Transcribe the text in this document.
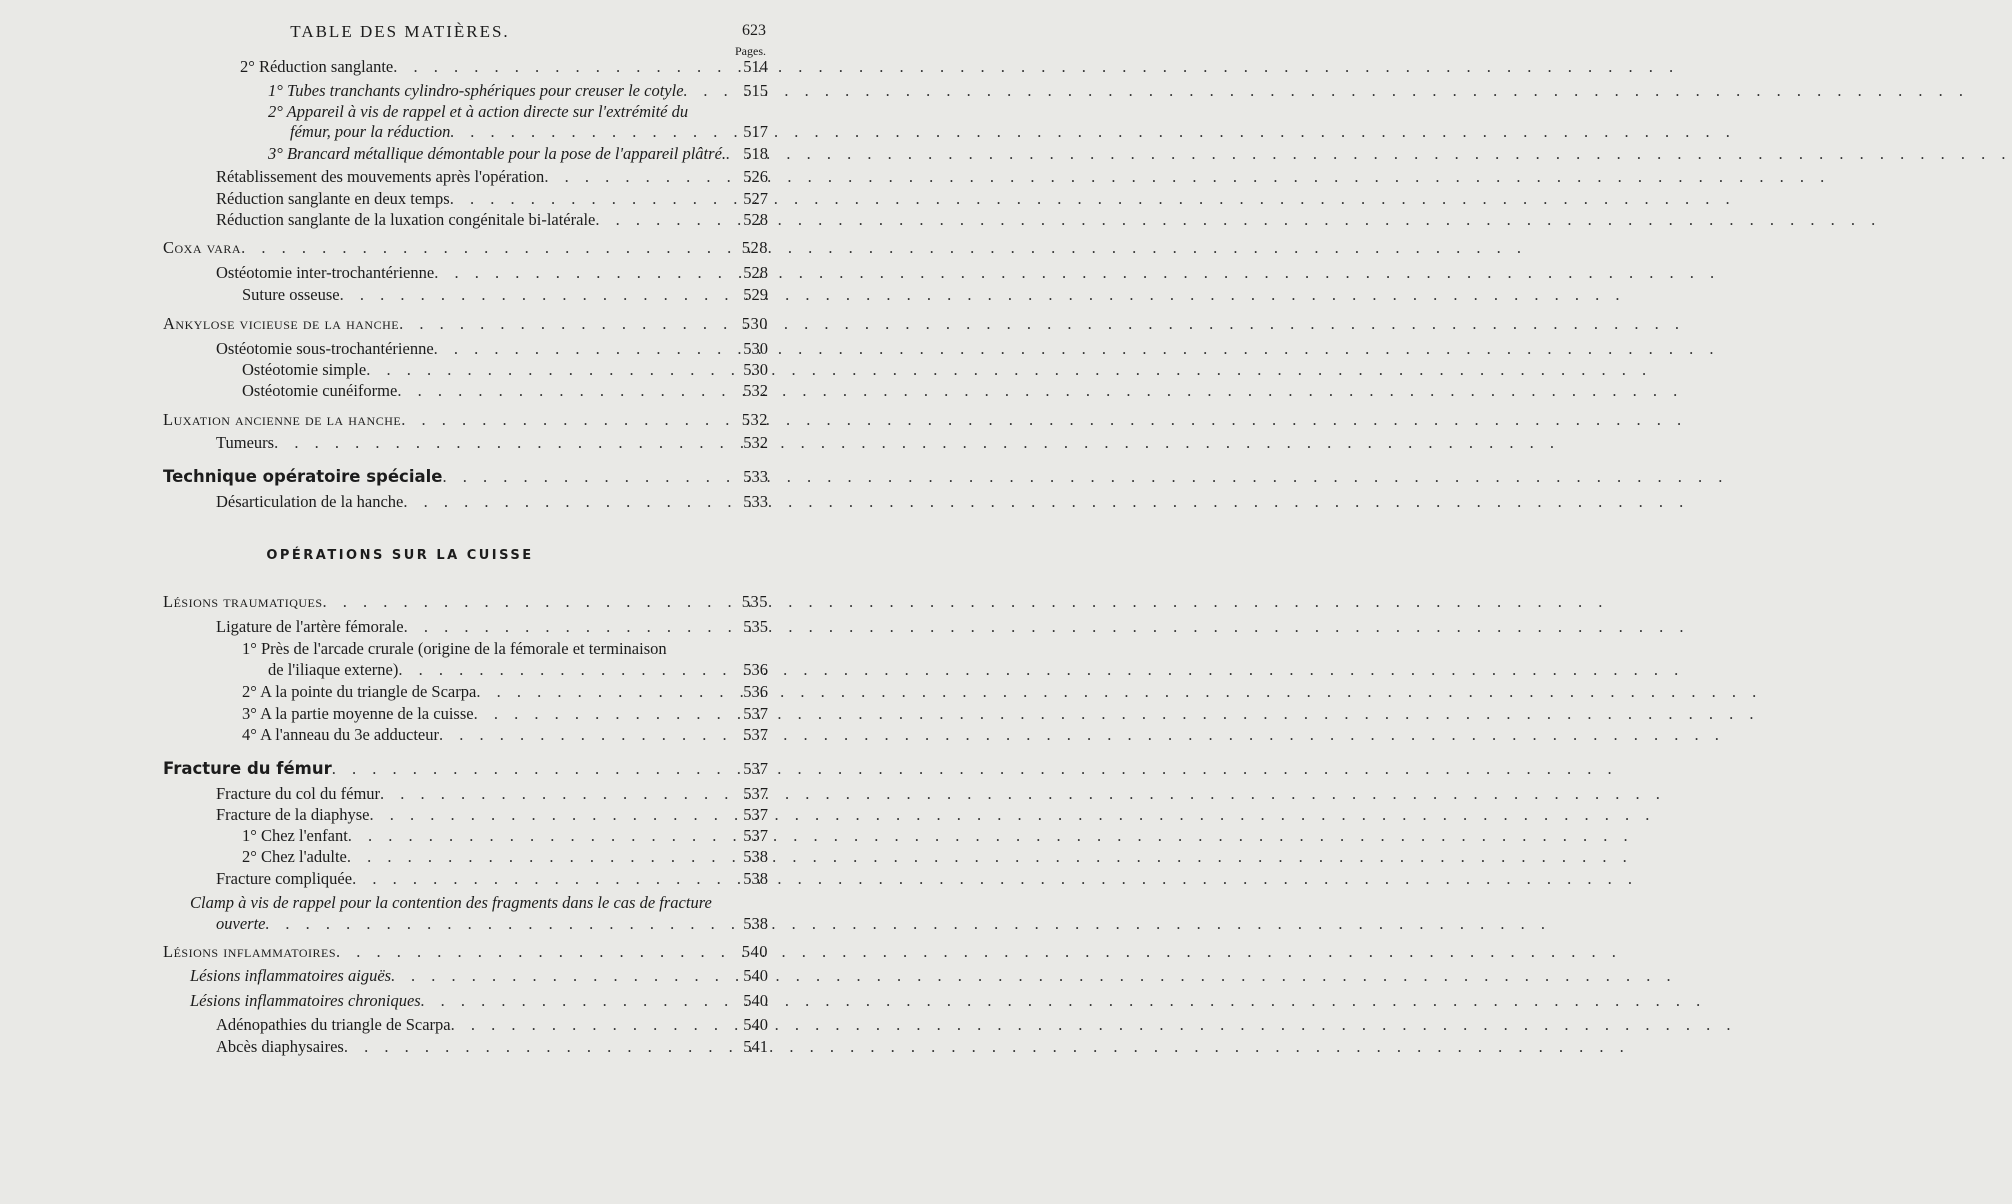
TABLE DES MATIÈRES.	623
Pages.
2° Réduction sanglante . . .	514
1° Tubes tranchants cylindro-sphériques pour creuser le cotyle . . .	515
2° Appareil à vis de rappel et à action directe sur l'extrémité du
fémur, pour la réduction . . .	517
3° Brancard métallique démontable pour la pose de l'appareil plâtré. . . .	518
Rétablissement des mouvements après l'opération . . .	526
Réduction sanglante en deux temps . . .	527
Réduction sanglante de la luxation congénitale bi-latérale . . .	528
Coxa vara . . .	528
Ostéotomie inter-trochantérienne . . .	528
Suture osseuse . . .	529
Ankylose vicieuse de la hanche . . .	530
Ostéotomie sous-trochantérienne . . .	530
Ostéotomie simple . . .	530
Ostéotomie cunéiforme . . .	532
Luxation ancienne de la hanche . . .	532
Tumeurs . . .	532
Technique opératoire spéciale . . .	533
Désarticulation de la hanche . . .	533
OPÉRATIONS SUR LA CUISSE
Lésions traumatiques . . .	535
Ligature de l'artère fémorale . . .	535
1° Près de l'arcade crurale (origine de la fémorale et terminaison
de l'iliaque externe) . . .	536
2° A la pointe du triangle de Scarpa . . .	536
3° A la partie moyenne de la cuisse . . .	537
4° A l'anneau du 3e adducteur . . .	537
Fracture du fémur . . .	537
Fracture du col du fémur . . .	537
Fracture de la diaphyse . . .	537
1° Chez l'enfant . . .	537
2° Chez l'adulte . . .	538
Fracture compliquée . . .	538
Clamp à vis de rappel pour la contention des fragments dans le cas de fracture
ouverte . . .	538
Lésions inflammatoires . . .	540
Lésions inflammatoires aiguës . . .	540
Lésions inflammatoires chroniques . . .	540
Adénopathies du triangle de Scarpa . . .	540
Abcès diaphysaires . . .	541
